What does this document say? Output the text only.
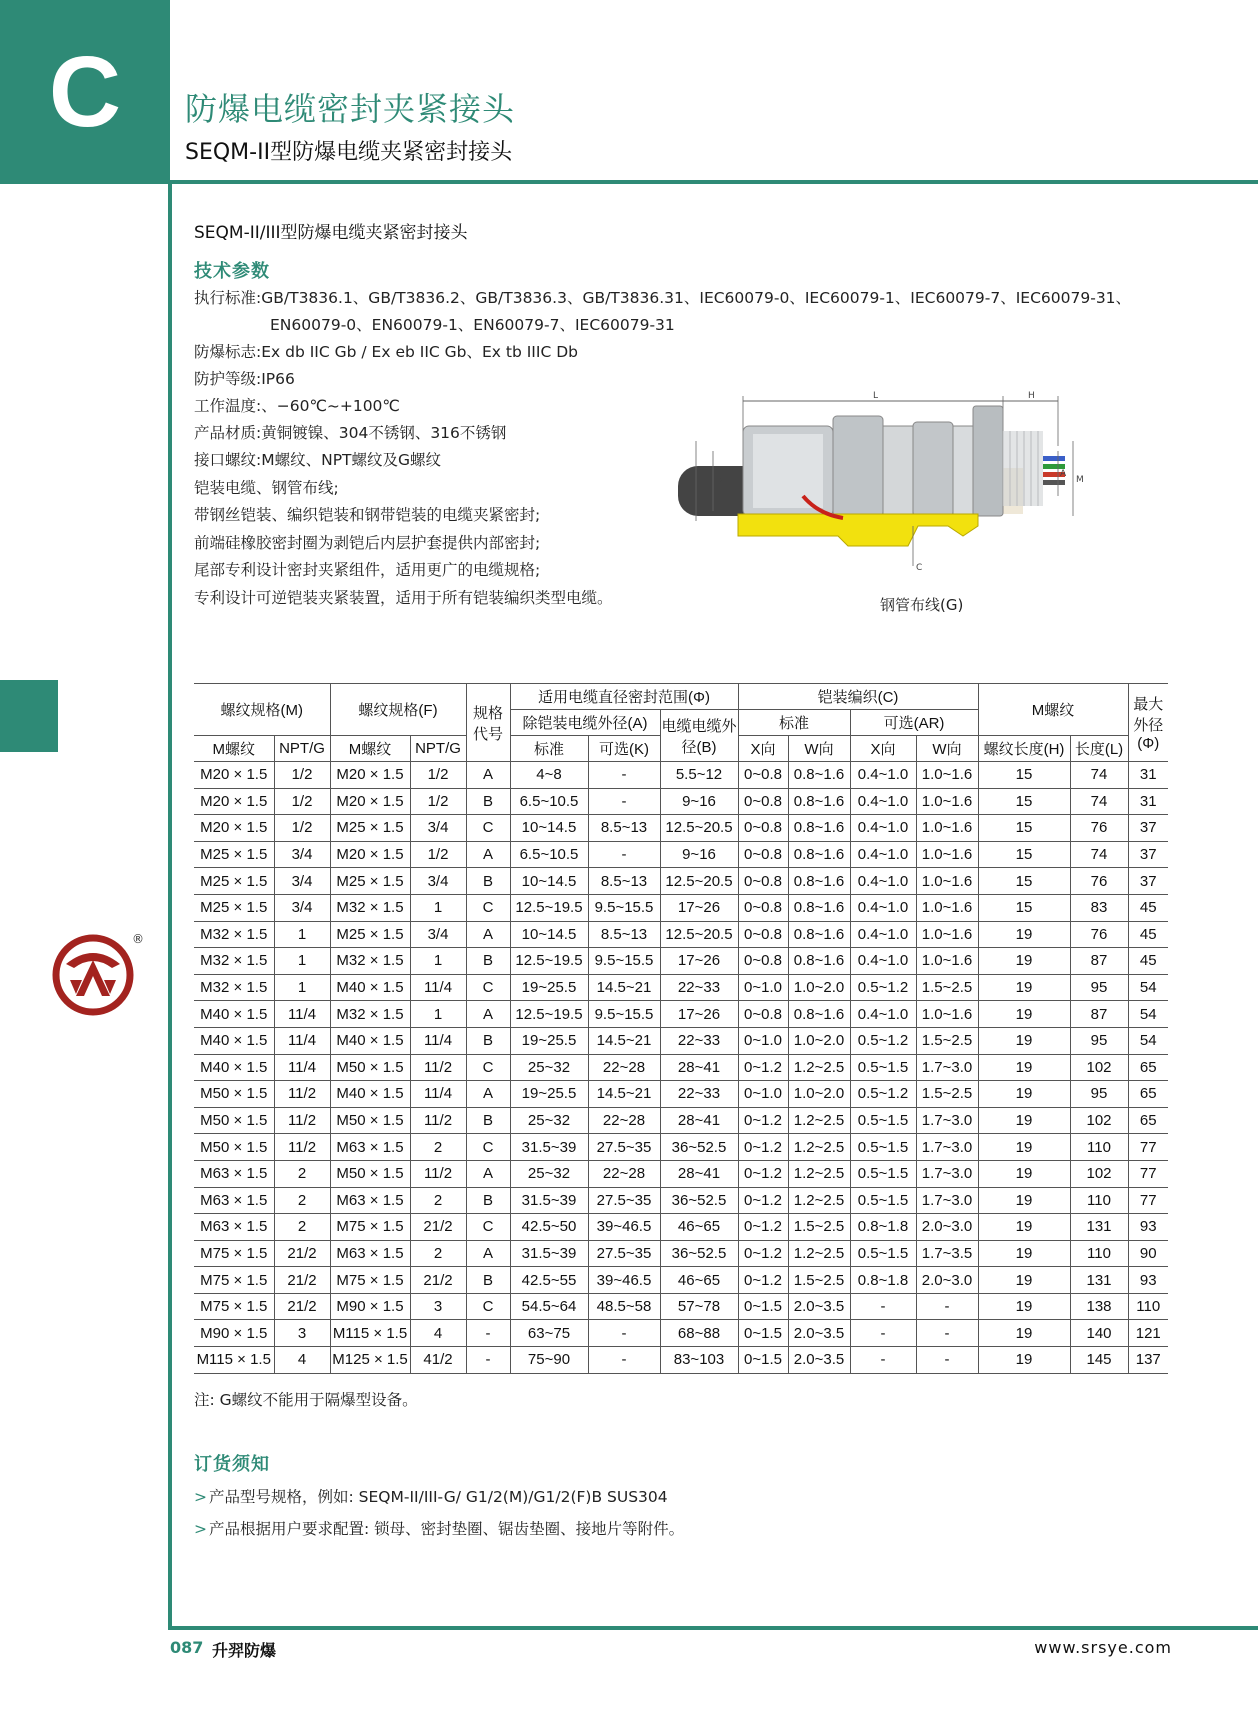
C	防爆电缆密封夹紧接头
SEQM-II型防爆电缆夹紧密封接头
®
SEQM-II/III型防爆电缆夹紧密封接头
技术参数
执行标准:GB/T3836.1、GB/T3836.2、GB/T3836.3、GB/T3836.31、IEC60079-0、IEC60079-1、IEC60079-7、IEC60079-31、
EN60079-0、EN60079-1、EN60079-7、IEC60079-31
防爆标志:Ex db IIC Gb / Ex eb IIC Gb、Ex tb IIIC Db
防护等级:IP66
工作温度:、−60℃~+100℃
产品材质:黄铜镀镍、304不锈钢、316不锈钢
接口螺纹:M螺纹、NPT螺纹及G螺纹
铠装电缆、钢管布线;
带钢丝铠装、编织铠装和钢带铠装的电缆夹紧密封;
前端硅橡胶密封圈为剥铠后内层护套提供内部密封;
尾部专利设计密封夹紧组件，适用更广的电缆规格;
专利设计可逆铠装夹紧装置，适用于所有铠装编织类型电缆。
L	H
F B	M
A
C
钢管布线(G)
螺纹规格(M)		螺纹规格(F)		规格代号	适用电缆直径密封范围(Φ)			铠装编织(C)				M螺纹		最大外径(Φ)
					除铠装电缆外径(A)		电缆电缆外径(B)	标准		可选(AR)				
M螺纹	NPT/G	M螺纹	NPT/G		标准	可选(K)		X向	W向	X向	W向	螺纹长度(H)	长度(L)	
M20 × 1.5	1/2	M20 × 1.5	1/2	A	4~8	-	5.5~12	0~0.8	0.8~1.6	0.4~1.0	1.0~1.6	15	74	31
M20 × 1.5	1/2	M20 × 1.5	1/2	B	6.5~10.5	-	9~16	0~0.8	0.8~1.6	0.4~1.0	1.0~1.6	15	74	31
M20 × 1.5	1/2	M25 × 1.5	3/4	C	10~14.5	8.5~13	12.5~20.5	0~0.8	0.8~1.6	0.4~1.0	1.0~1.6	15	76	37
M25 × 1.5	3/4	M20 × 1.5	1/2	A	6.5~10.5	-	9~16	0~0.8	0.8~1.6	0.4~1.0	1.0~1.6	15	74	37
M25 × 1.5	3/4	M25 × 1.5	3/4	B	10~14.5	8.5~13	12.5~20.5	0~0.8	0.8~1.6	0.4~1.0	1.0~1.6	15	76	37
M25 × 1.5	3/4	M32 × 1.5	1	C	12.5~19.5	9.5~15.5	17~26	0~0.8	0.8~1.6	0.4~1.0	1.0~1.6	15	83	45
M32 × 1.5	1	M25 × 1.5	3/4	A	10~14.5	8.5~13	12.5~20.5	0~0.8	0.8~1.6	0.4~1.0	1.0~1.6	19	76	45
M32 × 1.5	1	M32 × 1.5	1	B	12.5~19.5	9.5~15.5	17~26	0~0.8	0.8~1.6	0.4~1.0	1.0~1.6	19	87	45
M32 × 1.5	1	M40 × 1.5	11/4	C	19~25.5	14.5~21	22~33	0~1.0	1.0~2.0	0.5~1.2	1.5~2.5	19	95	54
M40 × 1.5	11/4	M32 × 1.5	1	A	12.5~19.5	9.5~15.5	17~26	0~0.8	0.8~1.6	0.4~1.0	1.0~1.6	19	87	54
M40 × 1.5	11/4	M40 × 1.5	11/4	B	19~25.5	14.5~21	22~33	0~1.0	1.0~2.0	0.5~1.2	1.5~2.5	19	95	54
M40 × 1.5	11/4	M50 × 1.5	11/2	C	25~32	22~28	28~41	0~1.2	1.2~2.5	0.5~1.5	1.7~3.0	19	102	65
M50 × 1.5	11/2	M40 × 1.5	11/4	A	19~25.5	14.5~21	22~33	0~1.0	1.0~2.0	0.5~1.2	1.5~2.5	19	95	65
M50 × 1.5	11/2	M50 × 1.5	11/2	B	25~32	22~28	28~41	0~1.2	1.2~2.5	0.5~1.5	1.7~3.0	19	102	65
M50 × 1.5	11/2	M63 × 1.5	2	C	31.5~39	27.5~35	36~52.5	0~1.2	1.2~2.5	0.5~1.5	1.7~3.0	19	110	77
M63 × 1.5	2	M50 × 1.5	11/2	A	25~32	22~28	28~41	0~1.2	1.2~2.5	0.5~1.5	1.7~3.0	19	102	77
M63 × 1.5	2	M63 × 1.5	2	B	31.5~39	27.5~35	36~52.5	0~1.2	1.2~2.5	0.5~1.5	1.7~3.0	19	110	77
M63 × 1.5	2	M75 × 1.5	21/2	C	42.5~50	39~46.5	46~65	0~1.2	1.5~2.5	0.8~1.8	2.0~3.0	19	131	93
M75 × 1.5	21/2	M63 × 1.5	2	A	31.5~39	27.5~35	36~52.5	0~1.2	1.2~2.5	0.5~1.5	1.7~3.5	19	110	90
M75 × 1.5	21/2	M75 × 1.5	21/2	B	42.5~55	39~46.5	46~65	0~1.2	1.5~2.5	0.8~1.8	2.0~3.0	19	131	93
M75 × 1.5	21/2	M90 × 1.5	3	C	54.5~64	48.5~58	57~78	0~1.5	2.0~3.5	-	-	19	138	110
M90 × 1.5	3	M115 × 1.5	4	-	63~75	-	68~88	0~1.5	2.0~3.5	-	-	19	140	121
M115 × 1.5	4	M125 × 1.5	41/2	-	75~90	-	83~103	0~1.5	2.0~3.5	-	-	19	145	137
注: G螺纹不能用于隔爆型设备。
订货须知
> 产品型号规格，例如: SEQM-II/III-G/ G1/2(M)/G1/2(F)B SUS304
> 产品根据用户要求配置: 锁母、密封垫圈、锯齿垫圈、接地片等附件。
087 升羿防爆	www.srsye.com
